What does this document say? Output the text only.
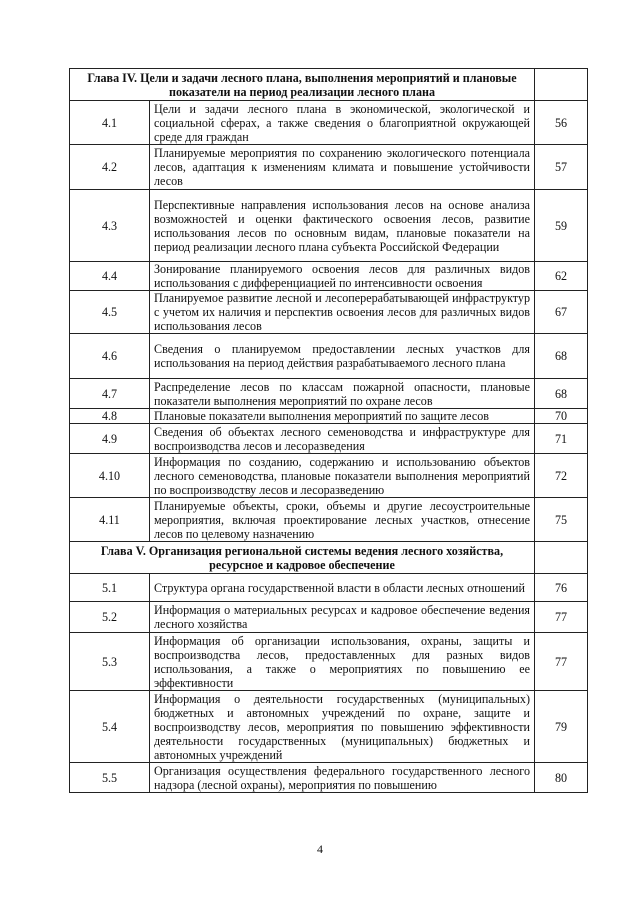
Глава IV. Цели и задачи лесного плана, выполнения мероприятий и плановые показатели на период реализации лесного плана		
4.1	Цели и задачи лесного плана в экономической, экологической и социальной сферах, а также сведения о благоприятной окружающей среде для граждан	56
4.2	Планируемые мероприятия по сохранению экологического потенциала лесов, адаптация к изменениям климата и повышение устойчивости лесов	57
4.3	Перспективные направления использования лесов на основе анализа возможностей и оценки фактического освоения лесов, развитие использования лесов по основным видам, плановые показатели на период реализации лесного плана субъекта Российской Федерации	59
4.4	Зонирование планируемого освоения лесов для различных видов использования с дифференциацией по интенсивности освоения	62
4.5	Планируемое развитие лесной и лесоперерабатывающей инфраструктур с учетом их наличия и перспектив освоения лесов для различных видов использования лесов	67
4.6	Сведения о планируемом предоставлении лесных участков для использования на период действия разрабатываемого лесного плана	68
4.7	Распределение лесов по классам пожарной опасности, плановые показатели выполнения мероприятий по охране лесов	68
4.8	Плановые показатели выполнения мероприятий по защите лесов	70
4.9	Сведения об объектах лесного семеноводства и инфраструктуре для воспроизводства лесов и лесоразведения	71
4.10	Информация по созданию, содержанию и использованию объектов лесного семеноводства, плановые показатели выполнения мероприятий по воспроизводству лесов и лесоразведению	72
4.11	Планируемые объекты, сроки, объемы и другие лесоустроительные мероприятия, включая проектирование лесных участков, отнесение лесов по целевому назначению	75
Глава V. Организация региональной системы ведения лесного хозяйства, ресурсное и кадровое обеспечение		
5.1	Структура органа государственной власти в области лесных отношений	76
5.2	Информация о материальных ресурсах и кадровое обеспечение ведения лесного хозяйства	77
5.3	Информация об организации использования, охраны, защиты и воспроизводства лесов, предоставленных для разных видов использования, а также о мероприятиях по повышению ее эффективности	77
5.4	Информация о деятельности государственных (муниципальных) бюджетных и автономных учреждений по охране, защите и воспроизводству лесов, мероприятия по повышению эффективности деятельности государственных (муниципальных) бюджетных и автономных учреждений	79
5.5	Организация осуществления федерального государственного лесного надзора (лесной охраны), мероприятия по повышению	80
4
